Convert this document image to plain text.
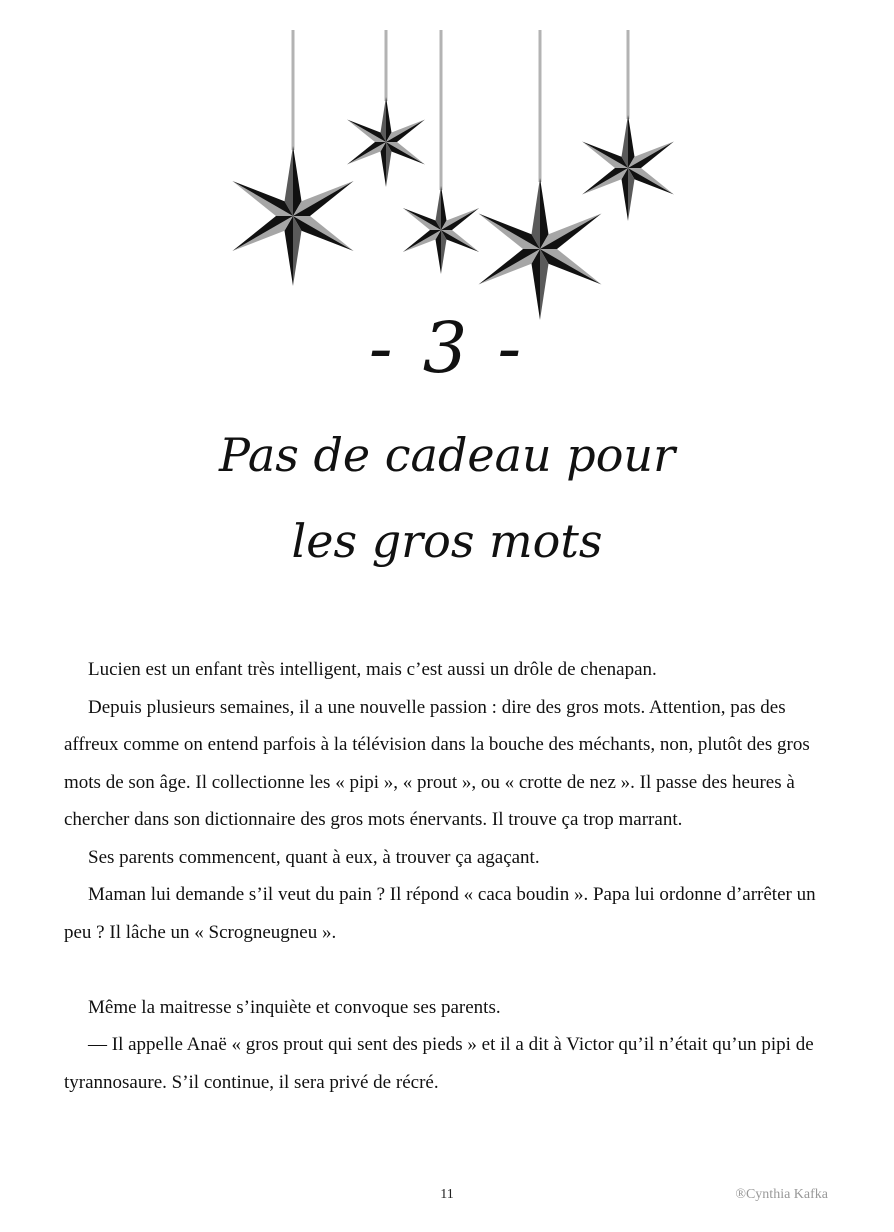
- 3 -
Pas de cadeau pour
les gros mots

Lucien est un enfant très intelligent, mais c’est aussi un drôle de chenapan.

Depuis plusieurs semaines, il a une nouvelle passion : dire des gros mots. Attention, pas des affreux comme on entend parfois à la télévision dans la bouche des méchants, non, plutôt des gros mots de son âge. Il collectionne les « pipi », « prout », ou « crotte de nez ». Il passe des heures à chercher dans son dictionnaire des gros mots énervants. Il trouve ça trop marrant.

Ses parents commencent, quant à eux, à trouver ça agaçant.

Maman lui demande s’il veut du pain ? Il répond « caca boudin ». Papa lui ordonne d’arrêter un peu ? Il lâche un « Scrogneugneu ».

Même la maitresse s’inquiète et convoque ses parents.

— Il appelle Anaë « gros prout qui sent des pieds » et il a dit à Victor qu’il n’était qu’un pipi de tyrannosaure. S’il continue, il sera privé de récré.

11	®Cynthia Kafka
